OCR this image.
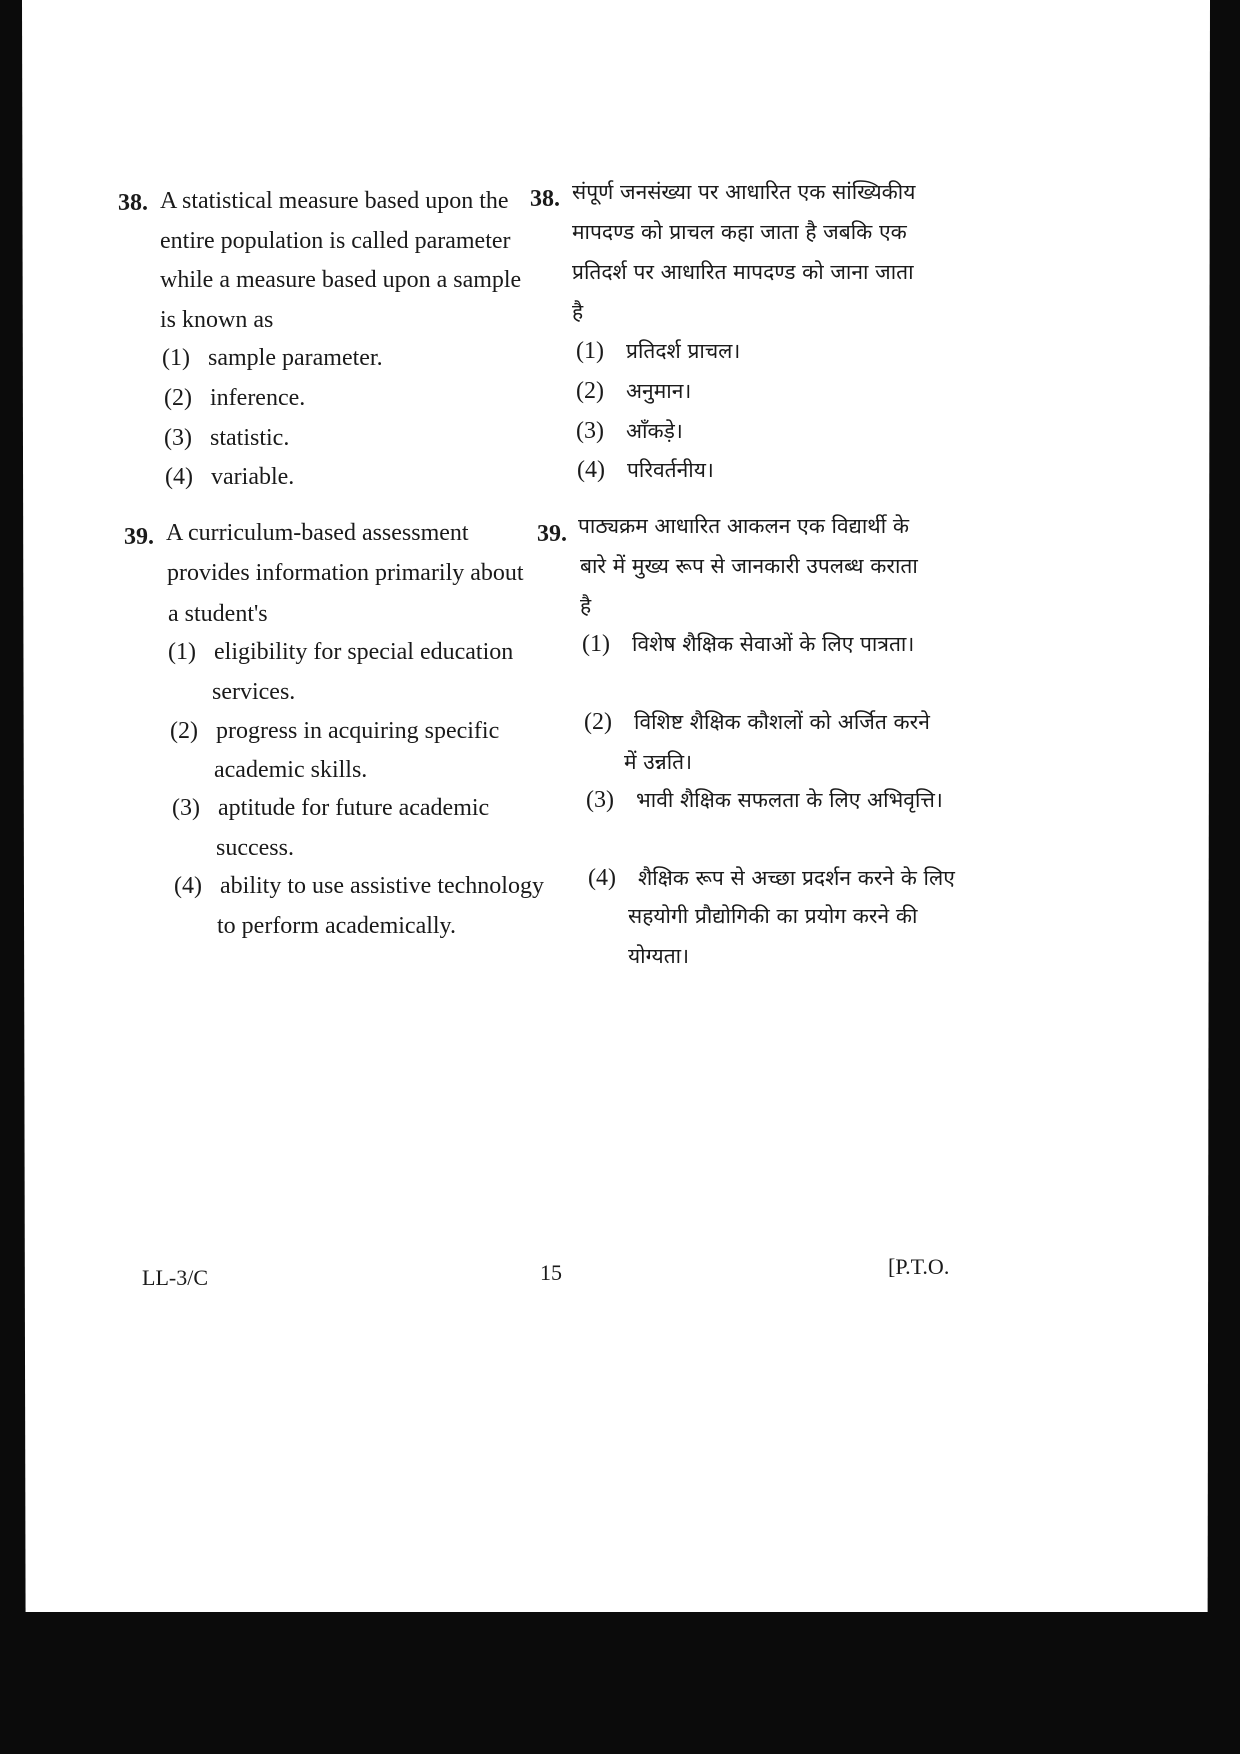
38. A statistical measure based upon the
entire population is called parameter
while a measure based upon a sample
is known as
(1) sample parameter.
(2) inference.
(3) statistic.
(4) variable.
38. संपूर्ण जनसंख्या पर आधारित एक सांख्यिकीय
मापदण्ड को प्राचल कहा जाता है जबकि एक
प्रतिदर्श पर आधारित मापदण्ड को जाना जाता
है
(1) प्रतिदर्श प्राचल।
(2) अनुमान।
(3) आँकड़े।
(4) परिवर्तनीय।
39. A curriculum-based assessment
provides information primarily about
a student's
(1) eligibility for special education
services.
(2) progress in acquiring specific
academic skills.
(3) aptitude for future academic
success.
(4) ability to use assistive technology
to perform academically.
39. पाठ्यक्रम आधारित आकलन एक विद्यार्थी के
बारे में मुख्य रूप से जानकारी उपलब्ध कराता
है
(1) विशेष शैक्षिक सेवाओं के लिए पात्रता।
(2) विशिष्ट शैक्षिक कौशलों को अर्जित करने
में उन्नति।
(3) भावी शैक्षिक सफलता के लिए अभिवृत्ति।
(4) शैक्षिक रूप से अच्छा प्रदर्शन करने के लिए
सहयोगी प्रौद्योगिकी का प्रयोग करने की
योग्यता।
LL-3/C	15	[P.T.O.
